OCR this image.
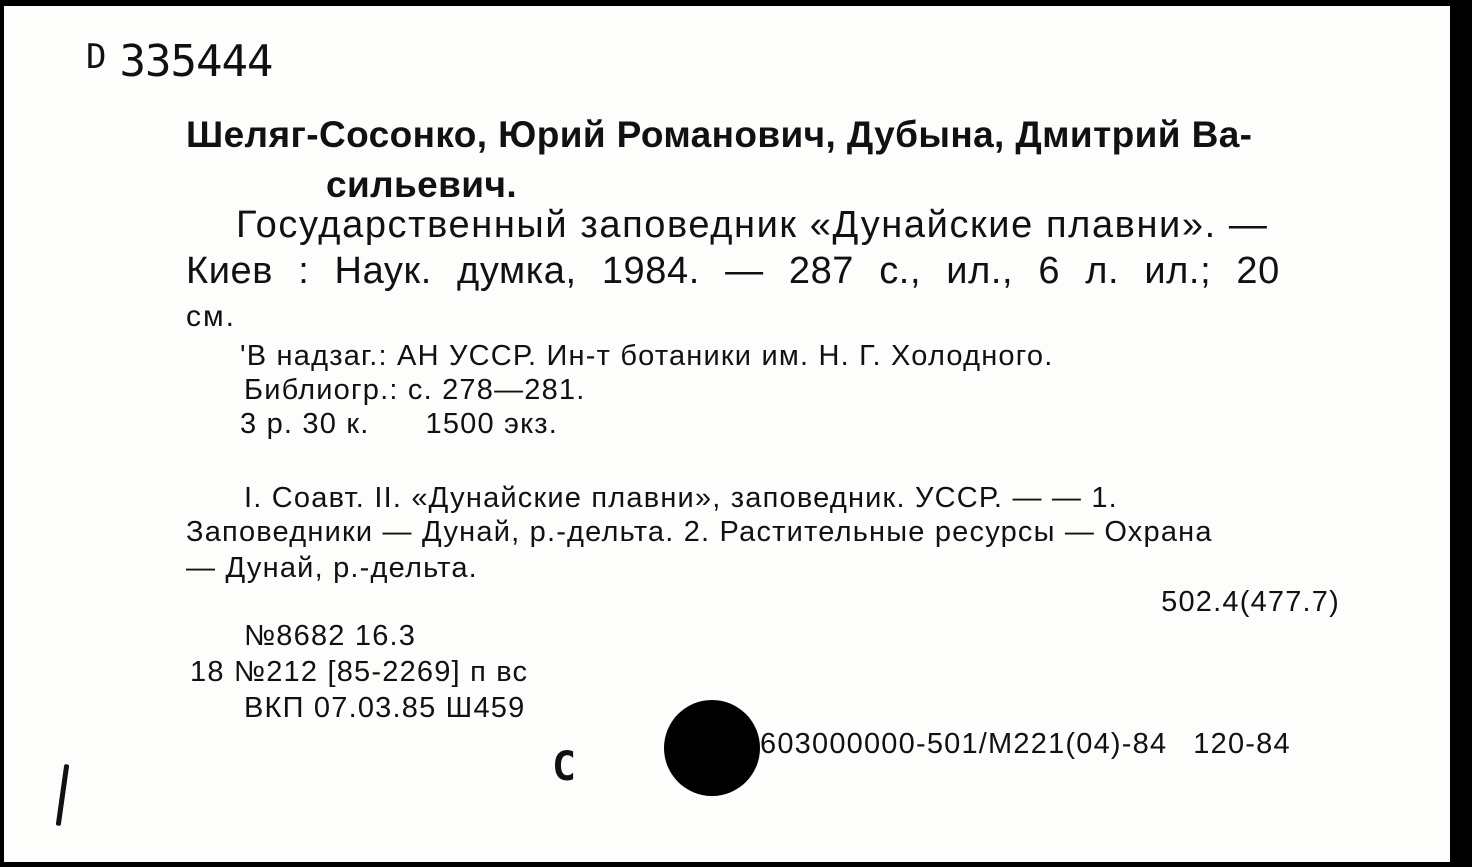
D 335444
Шеляг-Сосонко, Юрий Романович, Дубына, Дмитрий Ва-
сильевич.
Государственный заповедник «Дунайские плавни». —
Киев : Наук. думка, 1984. — 287 с., ил., 6 л. ил.; 20
см.
'В надзаг.: АН УССР. Ин-т ботаники им. Н. Г. Холодного.
Библиогр.: с. 278—281.
3 р. 30 к. 1500 экз.
I. Соавт. II. «Дунайские плавни», заповедник. УССР. — — 1.
Заповедники — Дунай, р.-дельта. 2. Растительные ресурсы — Охрана
— Дунай, р.-дельта.
502.4(477.7)
№8682 16.3
18 №212 [85-2269] п вс
ВКП 07.03.85 Ш459
C	603000000-501/М221(04)-84 120-84
